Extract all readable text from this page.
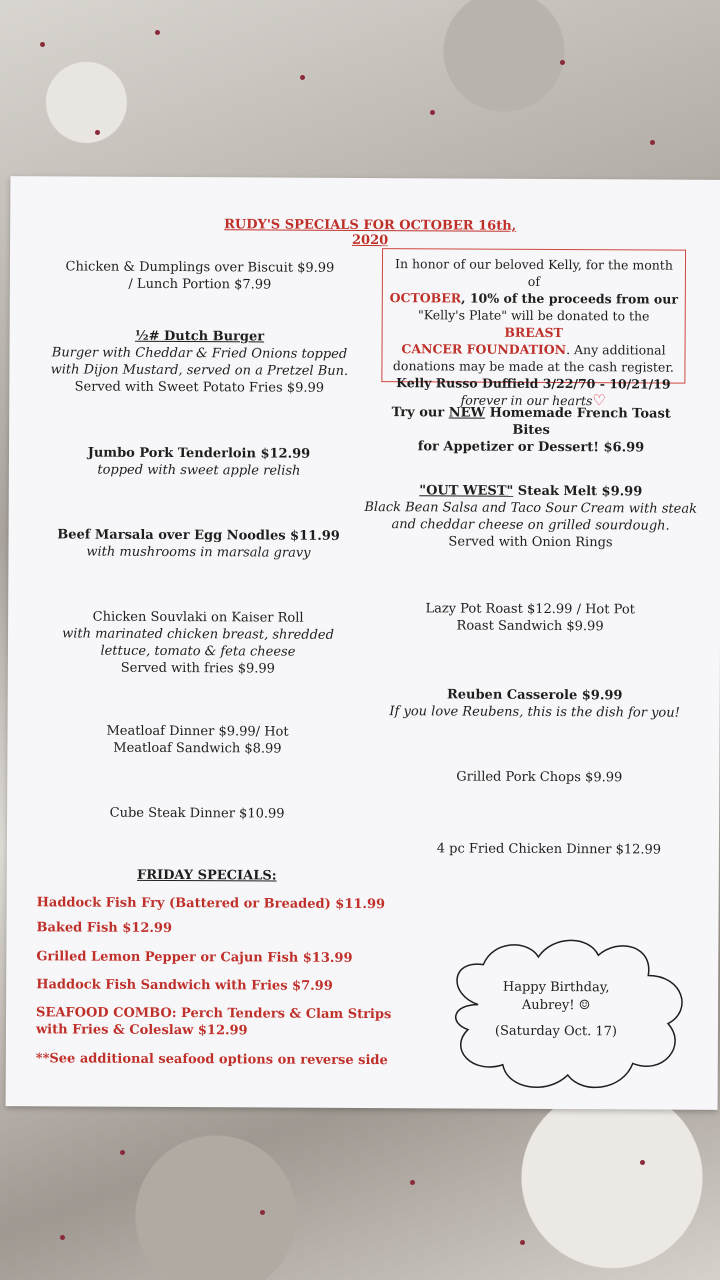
RUDY'S SPECIALS FOR OCTOBER 16th, 2020
Chicken & Dumplings over Biscuit $9.99
/ Lunch Portion $7.99
½# Dutch Burger
Burger with Cheddar & Fried Onions topped
with Dijon Mustard, served on a Pretzel Bun.
Served with Sweet Potato Fries $9.99
Jumbo Pork Tenderloin $12.99
topped with sweet apple relish
Beef Marsala over Egg Noodles $11.99
with mushrooms in marsala gravy
Chicken Souvlaki on Kaiser Roll
with marinated chicken breast, shredded
lettuce, tomato & feta cheese
Served with fries $9.99
Meatloaf Dinner $9.99/ Hot
Meatloaf Sandwich $8.99
Cube Steak Dinner $10.99
In honor of our beloved Kelly, for the month of
OCTOBER, 10% of the proceeds from our
"Kelly's Plate" will be donated to the BREAST
CANCER FOUNDATION. Any additional
donations may be made at the cash register.
Kelly Russo Duffield 3/22/70 - 10/21/19
forever in our hearts♡
Try our NEW Homemade French Toast Bites
for Appetizer or Dessert! $6.99
"OUT WEST" Steak Melt $9.99
Black Bean Salsa and Taco Sour Cream with steak
and cheddar cheese on grilled sourdough.
Served with Onion Rings
Lazy Pot Roast $12.99 / Hot Pot
Roast Sandwich $9.99
Reuben Casserole $9.99
If you love Reubens, this is the dish for you!
Grilled Pork Chops $9.99
4 pc Fried Chicken Dinner $12.99
FRIDAY SPECIALS:
Haddock Fish Fry (Battered or Breaded) $11.99
Baked Fish $12.99
Grilled Lemon Pepper or Cajun Fish $13.99
Haddock Fish Sandwich with Fries $7.99
SEAFOOD COMBO: Perch Tenders & Clam Strips
with Fries & Coleslaw $12.99
**See additional seafood options on reverse side
Happy Birthday,
Aubrey! ☺
(Saturday Oct. 17)
